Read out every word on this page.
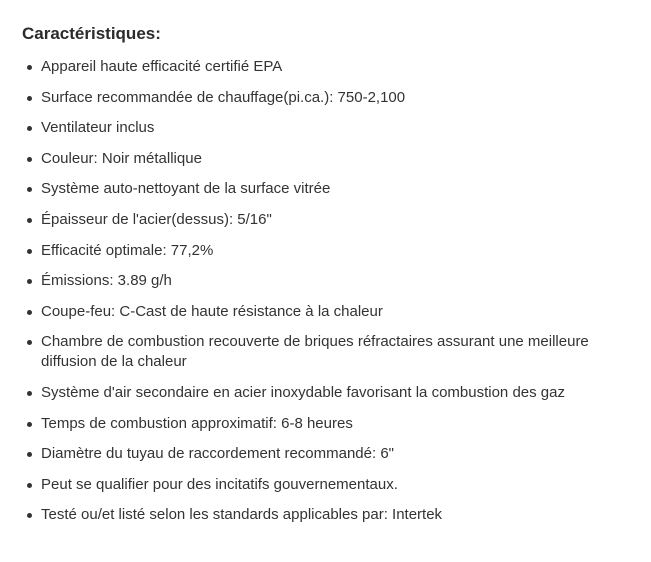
Caractéristiques:
Appareil haute efficacité certifié EPA
Surface recommandée de chauffage(pi.ca.): 750-2,100
Ventilateur inclus
Couleur: Noir métallique
Système auto-nettoyant de la surface vitrée
Épaisseur de l'acier(dessus): 5/16"
Efficacité optimale: 77,2%
Émissions: 3.89 g/h
Coupe-feu: C-Cast de haute résistance à la chaleur
Chambre de combustion recouverte de briques réfractaires assurant une meilleure diffusion de la chaleur
Système d'air secondaire en acier inoxydable favorisant la combustion des gaz
Temps de combustion approximatif: 6-8 heures
Diamètre du tuyau de raccordement recommandé: 6"
Peut se qualifier pour des incitatifs gouvernementaux.
Testé ou/et listé selon les standards applicables par: Intertek
